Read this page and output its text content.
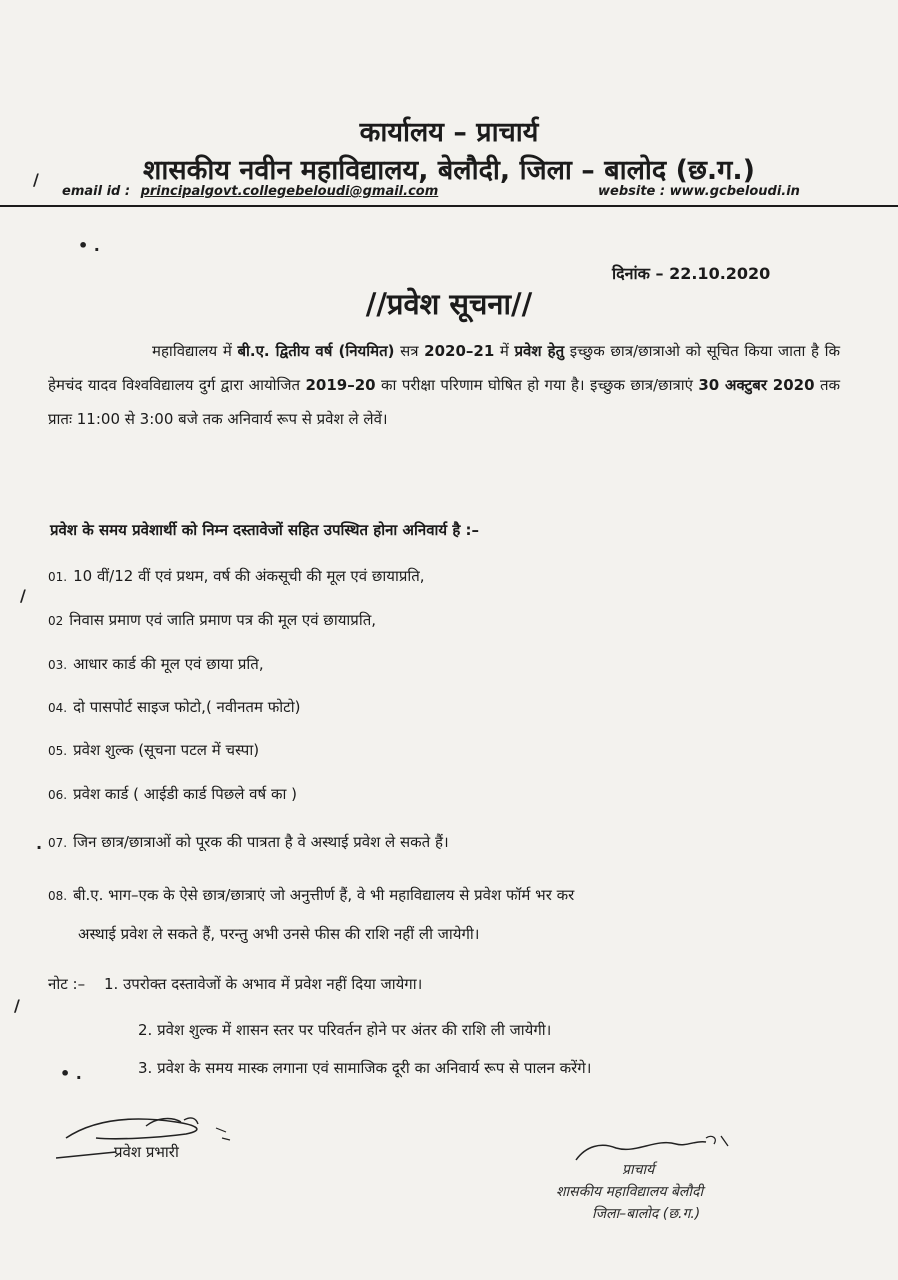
कार्यालय – प्राचार्य
शासकीय नवीन महाविद्यालय, बेलौदी, जिला – बालोद (छ.ग.)
/
email id : principalgovt.collegebeloudi@gmail.com	website : www.gcbeloudi.in
• .
दिनांक – 22.10.2020
//प्रवेश सूचना//
महाविद्यालय में बी.ए. द्वितीय वर्ष (नियमित) सत्र 2020–21 में प्रवेश हेतु इच्छुक छात्र/छात्राओ को सूचित किया जाता है कि हेमचंद यादव विश्वविद्यालय दुर्ग द्वारा आयोजित 2019–20 का परीक्षा परिणाम घोषित हो गया है। इच्छुक छात्र/छात्राएं 30 अक्टुबर 2020 तक प्रातः 11:00 से 3:00 बजे तक अनिवार्य रूप से प्रवेश ले लेवें।
प्रवेश के समय प्रवेशार्थी को निम्न दस्तावेजों सहित उपस्थित होना अनिवार्य है :–
/
01. 10 वीं/12 वीं एवं प्रथम, वर्ष की अंकसूची की मूल एवं छायाप्रति,
02 निवास प्रमाण एवं जाति प्रमाण पत्र की मूल एवं छायाप्रति,
03. आधार कार्ड की मूल एवं छाया प्रति,
04. दो पासपोर्ट साइज फोटो,( नवीनतम फोटो)
05. प्रवेश शुल्क (सूचना पटल में चस्पा)
06. प्रवेश कार्ड ( आईडी कार्ड पिछले वर्ष का )
07. जिन छात्र/छात्राओं को पूरक की पात्रता है वे अस्थाई प्रवेश ले सकते हैं।
.
08. बी.ए. भाग–एक के ऐसे छात्र/छात्राएं जो अनुत्तीर्ण हैं, वे भी महाविद्यालय से प्रवेश फॉर्म भर कर
अस्थाई प्रवेश ले सकते हैं, परन्तु अभी उनसे फीस की राशि नहीं ली जायेगी।
नोट :– 1. उपरोक्त दस्तावेजों के अभाव में प्रवेश नहीं दिया जायेगा।
/
2. प्रवेश शुल्क में शासन स्तर पर परिवर्तन होने पर अंतर की राशि ली जायेगी।
3. प्रवेश के समय मास्क लगाना एवं सामाजिक दूरी का अनिवार्य रूप से पालन करेंगे।
• .
प्रवेश प्रभारी
प्राचार्य
शासकीय महाविद्यालय बेलौदी
जिला–बालोद (छ.ग.)
